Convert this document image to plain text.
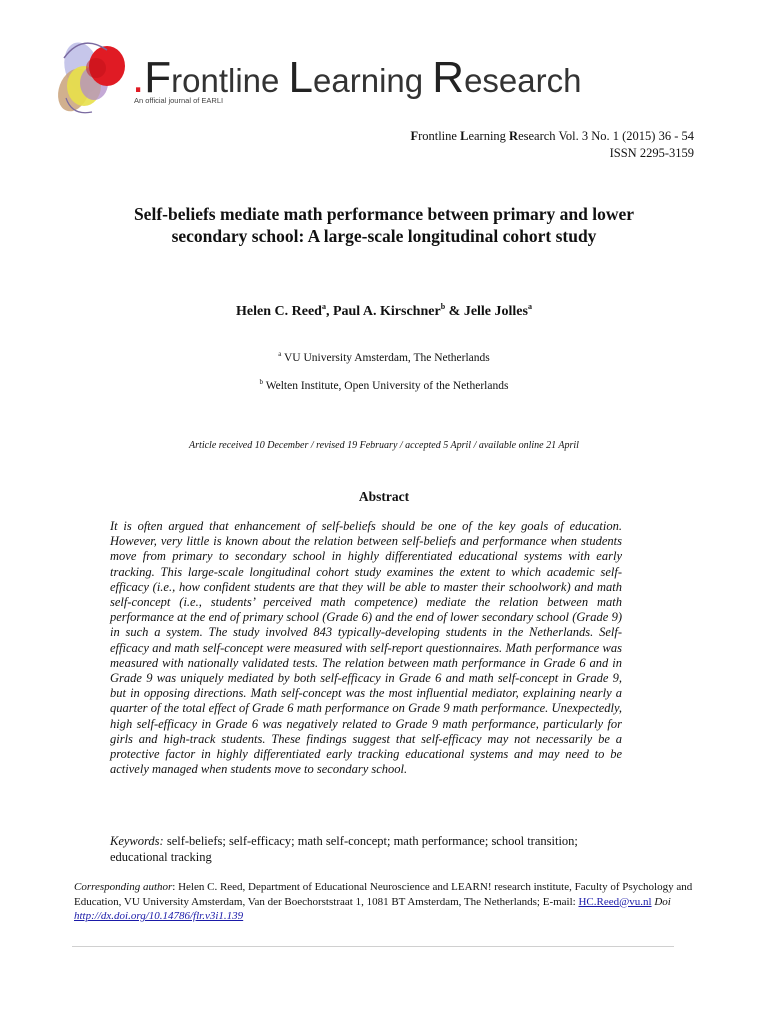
.Frontline Learning Research
An official journal of EARLI
Frontline Learning Research Vol. 3 No. 1 (2015) 36 - 54
ISSN 2295-3159
Self-beliefs mediate math performance between primary and lower
secondary school: A large-scale longitudinal cohort study
Helen C. Reed$^a$, Paul A. Kirschner$^b$ & Jelle Jolles$^a$
$^a$ VU University Amsterdam, The Netherlands
$^b$ Welten Institute, Open University of the Netherlands
Article received 10 December / revised 19 February / accepted 5 April / available online 21 April
Abstract
It is often argued that enhancement of self-beliefs should be one of the key goals of education. However, very little is known about the relation between self-beliefs and performance when students move from primary to secondary school in highly differentiated educational systems with early tracking. This large-scale longitudinal cohort study examines the extent to which academic self-efficacy (i.e., how confident students are that they will be able to master their schoolwork) and math self-concept (i.e., students’ perceived math competence) mediate the relation between math performance at the end of primary school (Grade 6) and the end of lower secondary school (Grade 9) in such a system. The study involved 843 typically-developing students in the Netherlands. Self-efficacy and math self-concept were measured with self-report questionnaires. Math performance was measured with nationally validated tests. The relation between math performance in Grade 6 and in Grade 9 was uniquely mediated by both self-efficacy in Grade 6 and math self-concept in Grade 9, but in opposing directions. Math self-concept was the most influential mediator, explaining nearly a quarter of the total effect of Grade 6 math performance on Grade 9 math performance. Unexpectedly, high self-efficacy in Grade 6 was negatively related to Grade 9 math performance, particularly for girls and high-track students. These findings suggest that self-efficacy may not necessarily be a protective factor in highly differentiated early tracking educational systems and may need to be actively managed when students move to secondary school.
Keywords: self-beliefs; self-efficacy; math self-concept; math performance; school transition; educational tracking
Corresponding author: Helen C. Reed, Department of Educational Neuroscience and LEARN! research institute, Faculty of Psychology and Education, VU University Amsterdam, Van der Boechorststraat 1, 1081 BT Amsterdam, The Netherlands; E-mail: HC.Reed@vu.nl Doi http://dx.doi.org/10.14786/flr.v3i1.139
